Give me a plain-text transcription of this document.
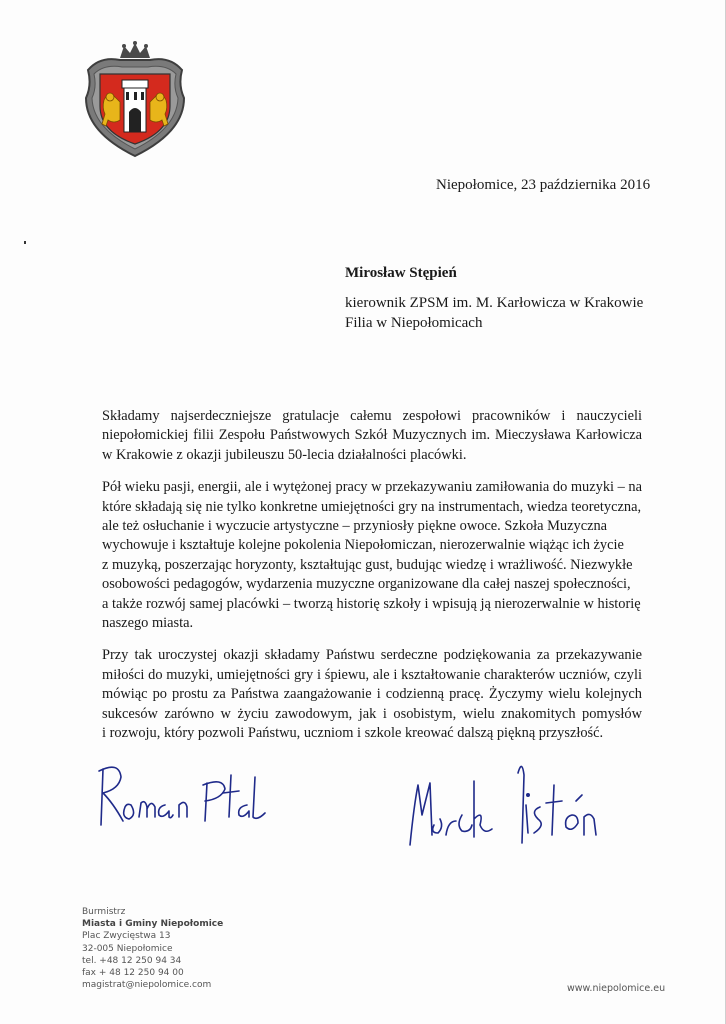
Niepołomice, 23 października 2016
Mirosław Stępień
kierownik ZPSM im. M. Karłowicza w Krakowie
Filia w Niepołomicach
Składamy najserdeczniejsze gratulacje całemu zespołowi pracowników i nauczycieli
niepołomickiej filii Zespołu Państwowych Szkół Muzycznych im. Mieczysława Karłowicza
w Krakowie z okazji jubileuszu 50-lecia działalności placówki.
Pół wieku pasji, energii, ale i wytężonej pracy w przekazywaniu zamiłowania do muzyki – na
które składają się nie tylko konkretne umiejętności gry na instrumentach, wiedza teoretyczna,
ale też osłuchanie i wyczucie artystyczne – przyniosły piękne owoce. Szkoła Muzyczna
wychowuje i kształtuje kolejne pokolenia Niepołomiczan, nierozerwalnie wiążąc ich życie
z muzyką, poszerzając horyzonty, kształtując gust, budując wiedzę i wrażliwość. Niezwykłe
osobowości pedagogów, wydarzenia muzyczne organizowane dla całej naszej społeczności,
a także rozwój samej placówki – tworzą historię szkoły i wpisują ją nierozerwalnie w historię
naszego miasta.
Przy tak uroczystej okazji składamy Państwu serdeczne podziękowania za przekazywanie
miłości do muzyki, umiejętności gry i śpiewu, ale i kształtowanie charakterów uczniów, czyli
mówiąc po prostu za Państwa zaangażowanie i codzienną pracę. Życzymy wielu kolejnych
sukcesów zarówno w życiu zawodowym, jak i osobistym, wielu znakomitych pomysłów
i rozwoju, który pozwoli Państwu, uczniom i szkole kreować dalszą piękną przyszłość.
Burmistrz
Miasta i Gminy Niepołomice
Plac Zwycięstwa 13
32-005 Niepołomice
tel. +48 12 250 94 34
fax + 48 12 250 94 00
magistrat@niepolomice.com	www.niepolomice.eu
